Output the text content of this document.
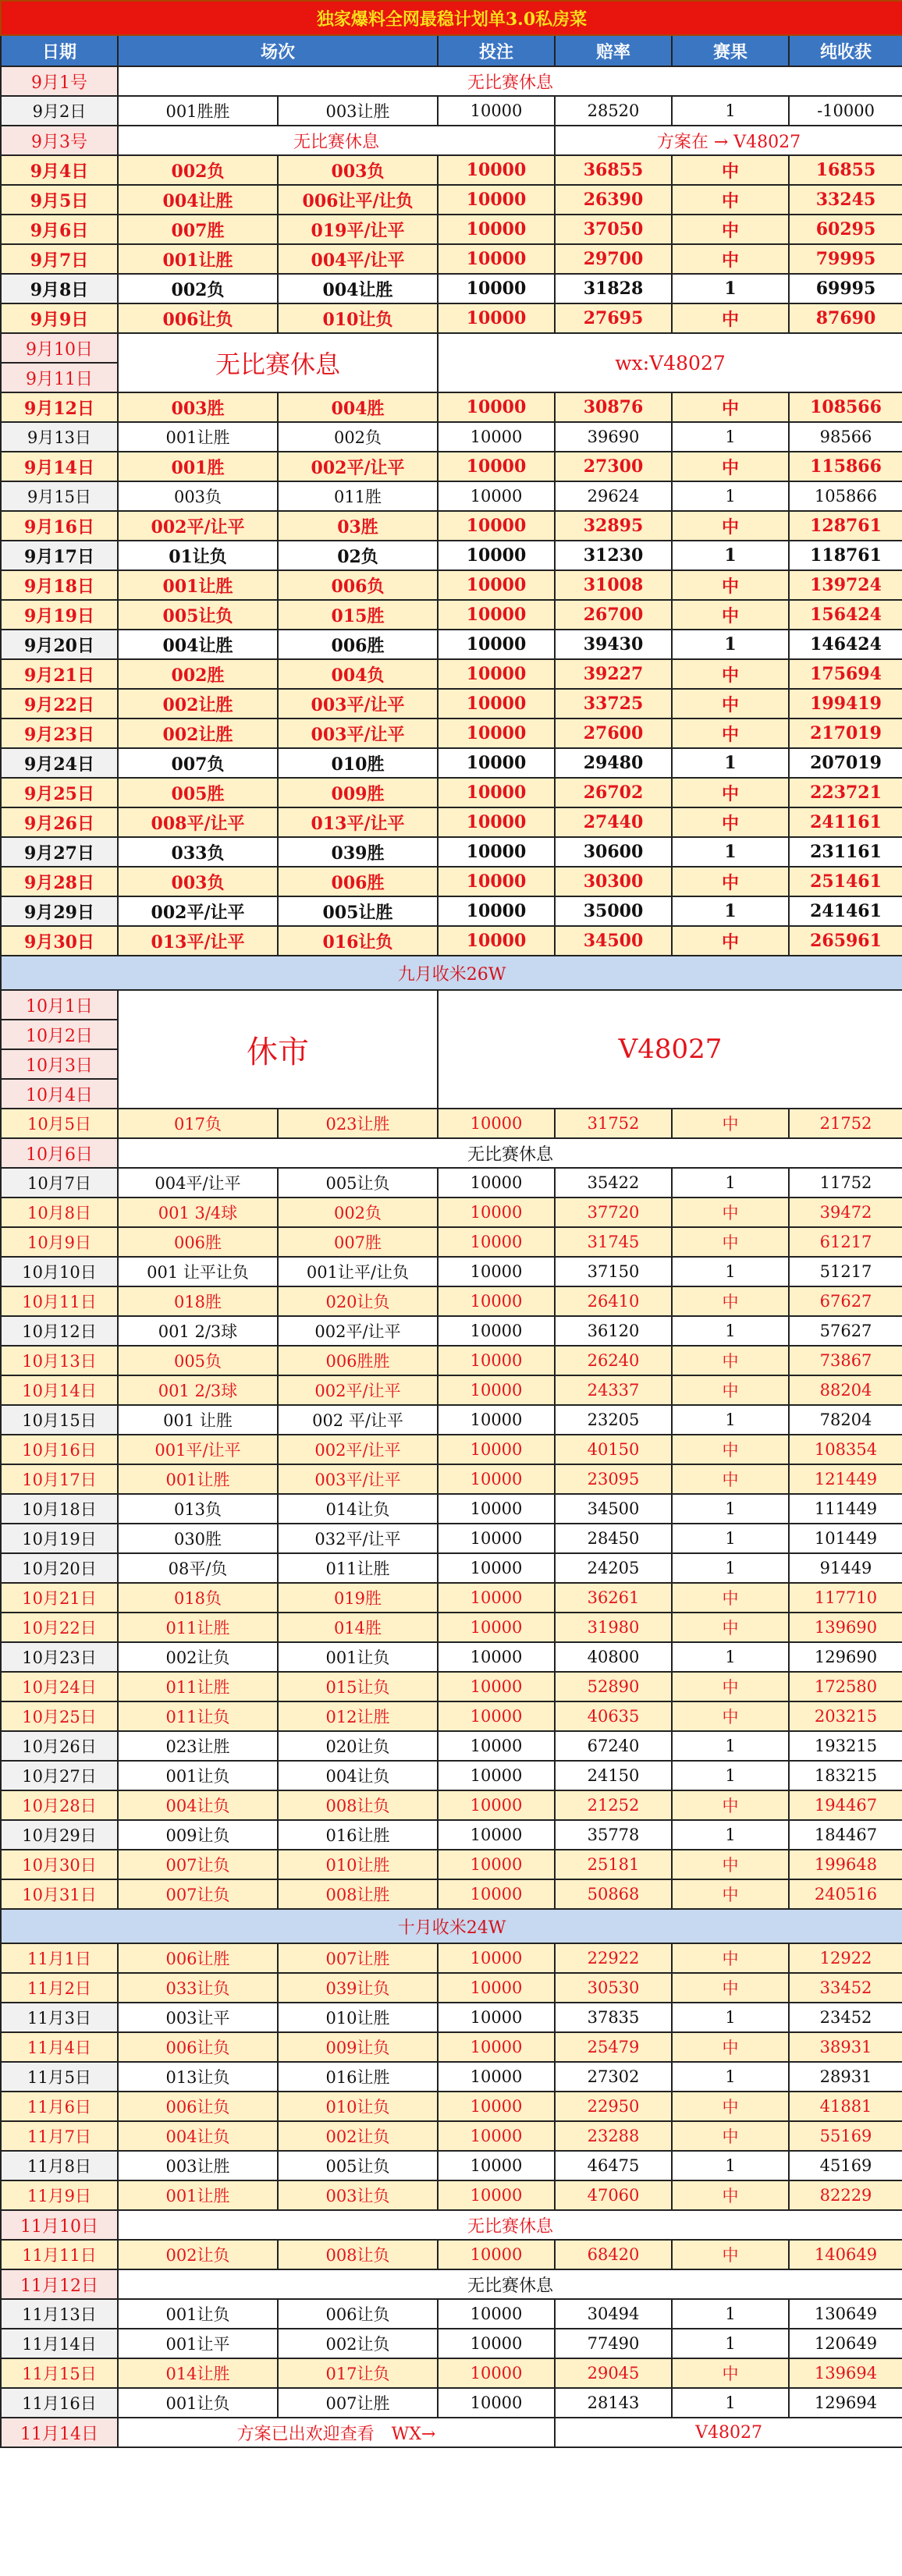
独家爆料全网最稳计划单3.0私房菜						
日期	场次		投注	赔率	赛果	纯收获
9月1号	无比赛休息					
9月2日	001胜胜	003让胜	10000	28520	1	-10000
9月3号	无比赛休息			方案在 → V48027		
9月4日	002负	003负	10000	36855	中	16855
9月5日	004让胜	006让平/让负	10000	26390	中	33245
9月6日	007胜	019平/让平	10000	37050	中	60295
9月7日	001让胜	004平/让平	10000	29700	中	79995
9月8日	002负	004让胜	10000	31828	1	69995
9月9日	006让负	010让负	10000	27695	中	87690
9月10日	无比赛休息		wx:V48027			
9月11日						
9月12日	003胜	004胜	10000	30876	中	108566
9月13日	001让胜	002负	10000	39690	1	98566
9月14日	001胜	002平/让平	10000	27300	中	115866
9月15日	003负	011胜	10000	29624	1	105866
9月16日	002平/让平	03胜	10000	32895	中	128761
9月17日	01让负	02负	10000	31230	1	118761
9月18日	001让胜	006负	10000	31008	中	139724
9月19日	005让负	015胜	10000	26700	中	156424
9月20日	004让胜	006胜	10000	39430	1	146424
9月21日	002胜	004负	10000	39227	中	175694
9月22日	002让胜	003平/让平	10000	33725	中	199419
9月23日	002让胜	003平/让平	10000	27600	中	217019
9月24日	007负	010胜	10000	29480	1	207019
9月25日	005胜	009胜	10000	26702	中	223721
9月26日	008平/让平	013平/让平	10000	27440	中	241161
9月27日	033负	039胜	10000	30600	1	231161
9月28日	003负	006胜	10000	30300	中	251461
9月29日	002平/让平	005让胜	10000	35000	1	241461
9月30日	013平/让平	016让负	10000	34500	中	265961
九月收米26W						
10月1日	休市		V48027			
10月2日						
10月3日						
10月4日						
10月5日	017负	023让胜	10000	31752	中	21752
10月6日	无比赛休息					
10月7日	004平/让平	005让负	10000	35422	1	11752
10月8日	001 3/4球	002负	10000	37720	中	39472
10月9日	006胜	007胜	10000	31745	中	61217
10月10日	001 让平让负	001让平/让负	10000	37150	1	51217
10月11日	018胜	020让负	10000	26410	中	67627
10月12日	001 2/3球	002平/让平	10000	36120	1	57627
10月13日	005负	006胜胜	10000	26240	中	73867
10月14日	001 2/3球	002平/让平	10000	24337	中	88204
10月15日	001 让胜	002 平/让平	10000	23205	1	78204
10月16日	001平/让平	002平/让平	10000	40150	中	108354
10月17日	001让胜	003平/让平	10000	23095	中	121449
10月18日	013负	014让负	10000	34500	1	111449
10月19日	030胜	032平/让平	10000	28450	1	101449
10月20日	08平/负	011让胜	10000	24205	1	91449
10月21日	018负	019胜	10000	36261	中	117710
10月22日	011让胜	014胜	10000	31980	中	139690
10月23日	002让负	001让负	10000	40800	1	129690
10月24日	011让胜	015让负	10000	52890	中	172580
10月25日	011让负	012让胜	10000	40635	中	203215
10月26日	023让胜	020让负	10000	67240	1	193215
10月27日	001让负	004让负	10000	24150	1	183215
10月28日	004让负	008让负	10000	21252	中	194467
10月29日	009让负	016让胜	10000	35778	1	184467
10月30日	007让负	010让胜	10000	25181	中	199648
10月31日	007让负	008让胜	10000	50868	中	240516
十月收米24W						
11月1日	006让胜	007让胜	10000	22922	中	12922
11月2日	033让负	039让负	10000	30530	中	33452
11月3日	003让平	010让胜	10000	37835	1	23452
11月4日	006让负	009让负	10000	25479	中	38931
11月5日	013让负	016让胜	10000	27302	1	28931
11月6日	006让负	010让负	10000	22950	中	41881
11月7日	004让负	002让负	10000	23288	中	55169
11月8日	003让胜	005让负	10000	46475	1	45169
11月9日	001让胜	003让负	10000	47060	中	82229
11月10日	无比赛休息					
11月11日	002让负	008让负	10000	68420	中	140649
11月12日	无比赛休息					
11月13日	001让负	006让负	10000	30494	1	130649
11月14日	001让平	002让负	10000	77490	1	120649
11月15日	014让胜	017让负	10000	29045	中	139694
11月16日	001让负	007让胜	10000	28143	1	129694
11月14日	方案已出欢迎查看　WX→			V48027		
